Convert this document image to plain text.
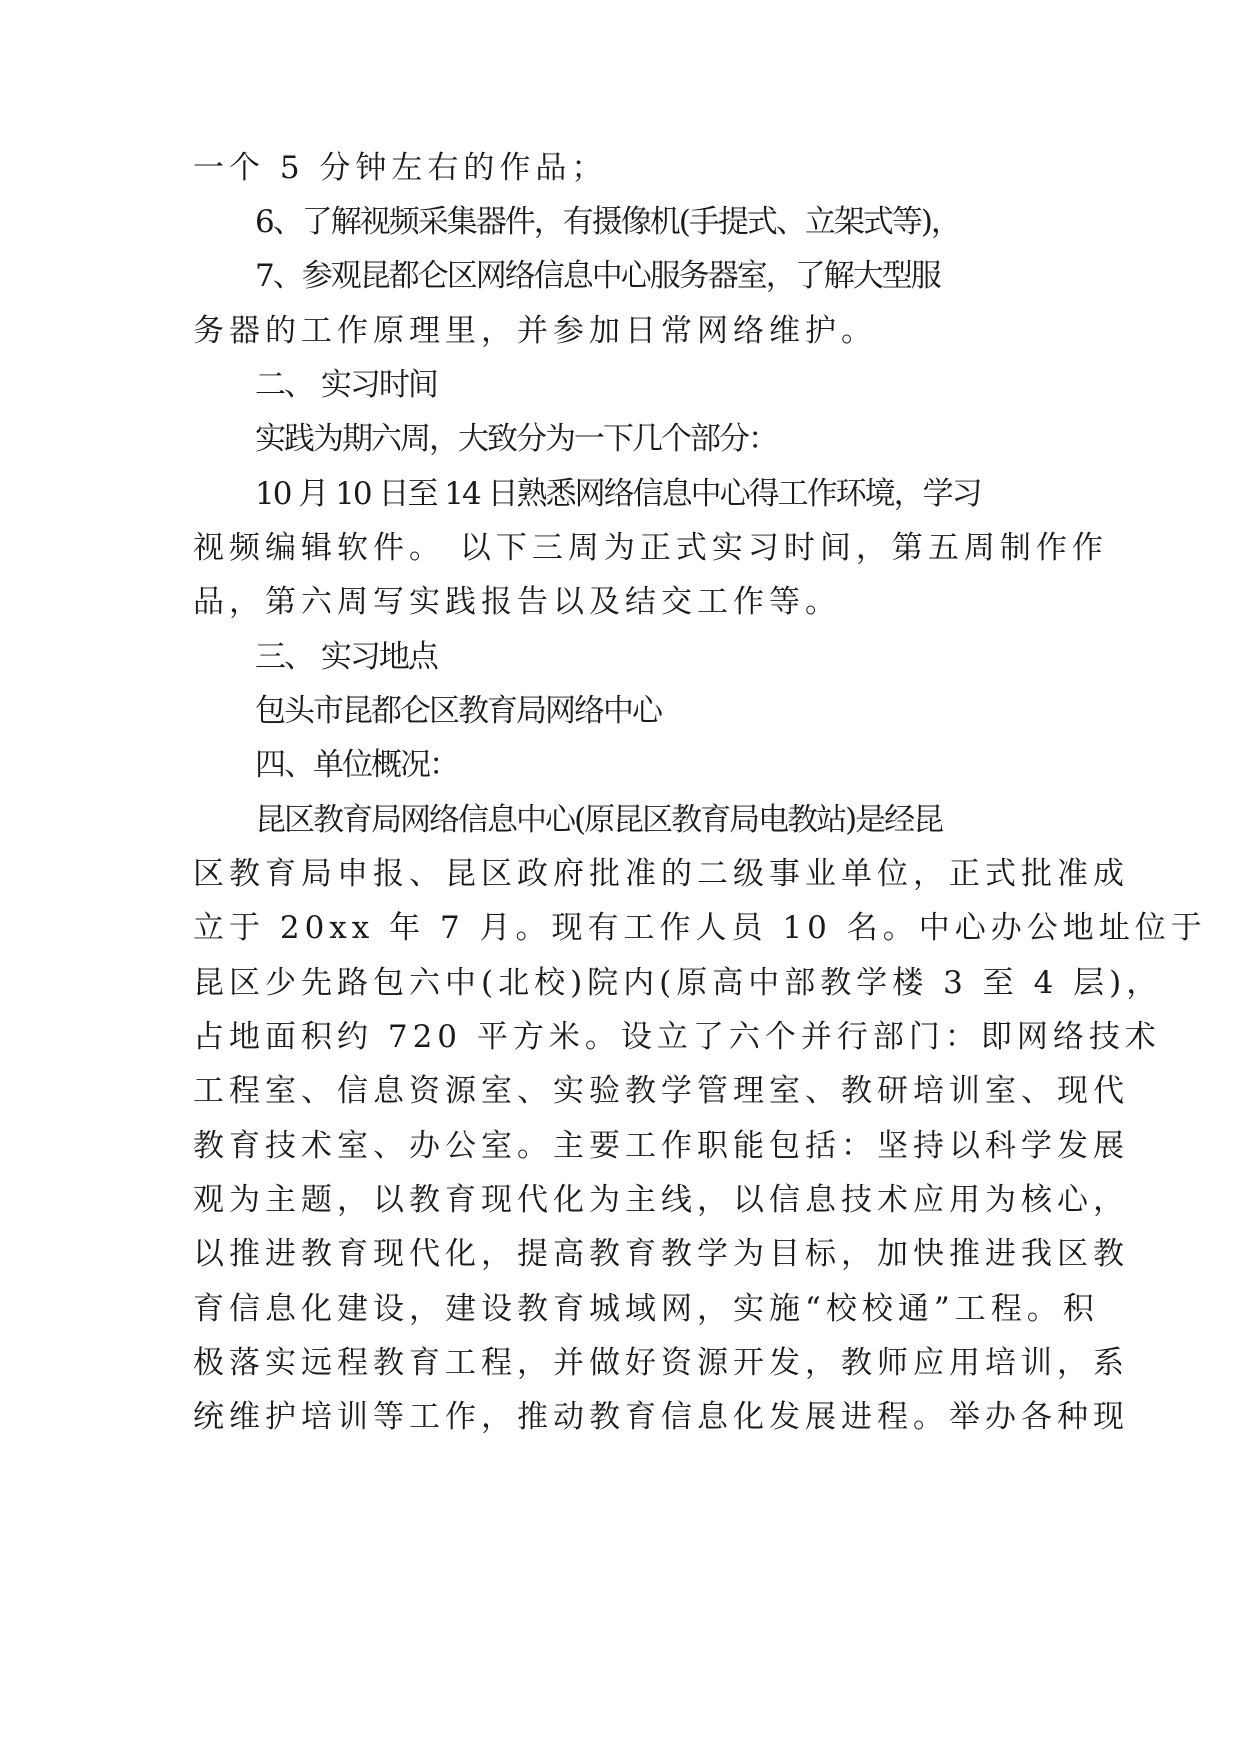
一个 5 分钟左右的作品；
6、了解视频采集器件，有摄像机(手提式、立架式等)，
7、参观昆都仑区网络信息中心服务器室，了解大型服
务器的工作原理里，并参加日常网络维护。
二、 实习时间
实践为期六周，大致分为一下几个部分：
10 月 10 日至 14 日熟悉网络信息中心得工作环境，学习
视频编辑软件。 以下三周为正式实习时间，第五周制作作
品，第六周写实践报告以及结交工作等。
三、 实习地点
包头市昆都仑区教育局网络中心
四、单位概况：
昆区教育局网络信息中心(原昆区教育局电教站)是经昆
区教育局申报、昆区政府批准的二级事业单位，正式批准成
立于 20xx 年 7 月。现有工作人员 10 名。中心办公地址位于
昆区少先路包六中(北校)院内(原高中部教学楼 3 至 4 层)，
占地面积约 720 平方米。设立了六个并行部门：即网络技术
工程室、信息资源室、实验教学管理室、教研培训室、现代
教育技术室、办公室。主要工作职能包括：坚持以科学发展
观为主题，以教育现代化为主线，以信息技术应用为核心，
以推进教育现代化，提高教育教学为目标，加快推进我区教
育信息化建设，建设教育城域网，实施“校校通”工程。积
极落实远程教育工程，并做好资源开发，教师应用培训，系
统维护培训等工作，推动教育信息化发展进程。举办各种现
